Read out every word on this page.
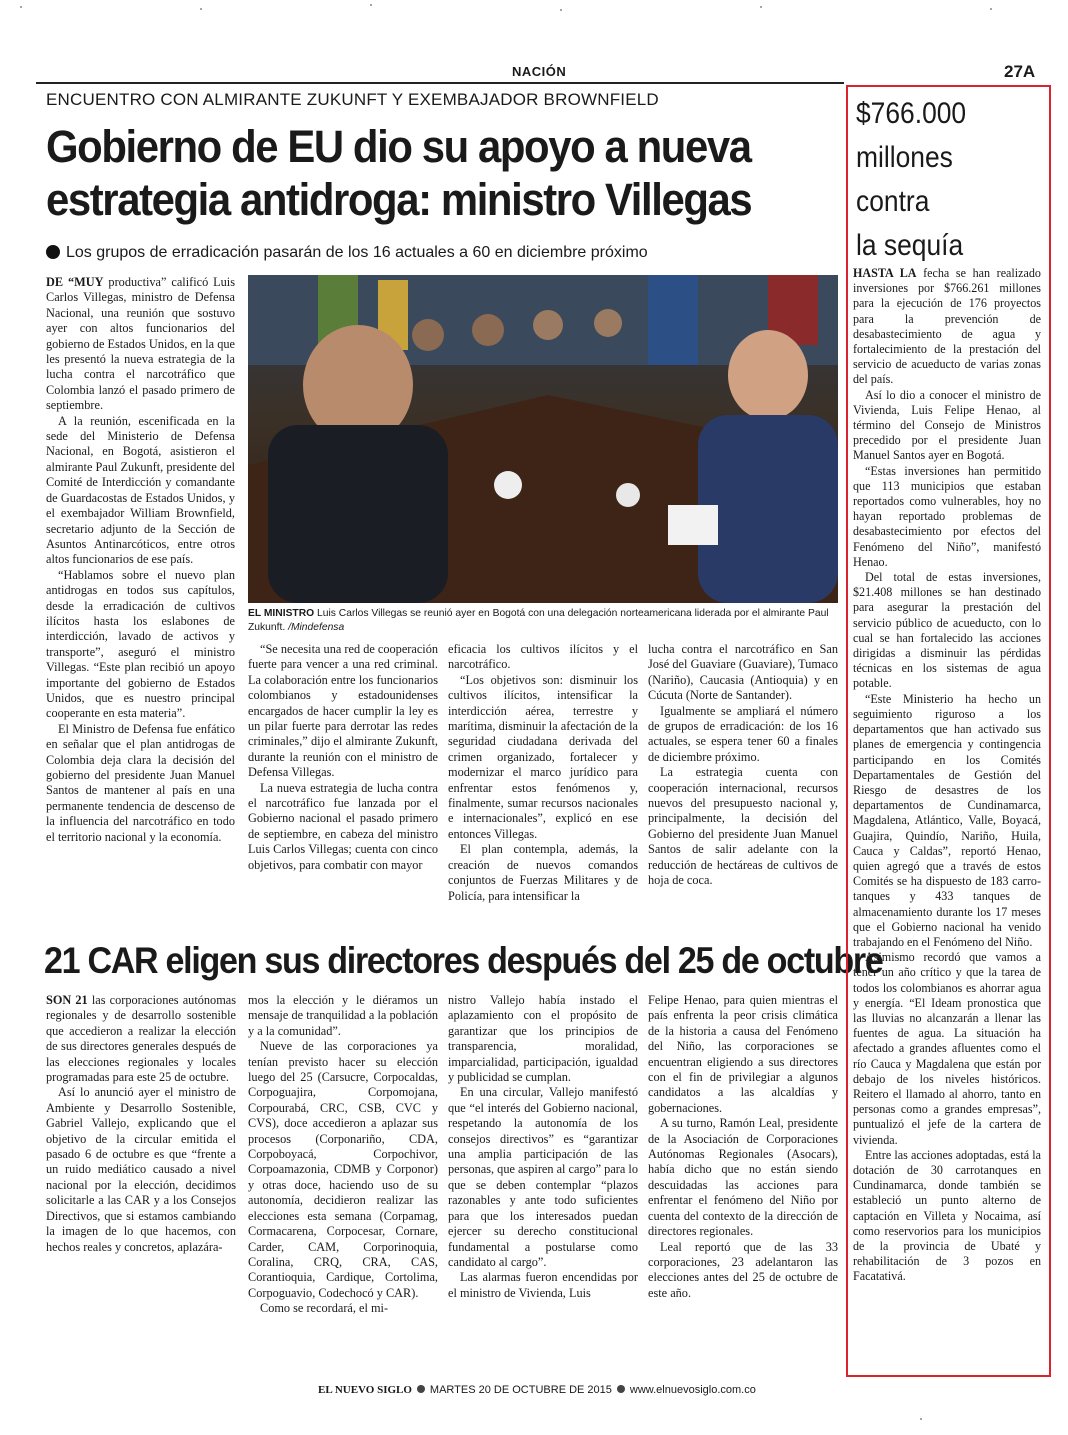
NACIÓN	27A
ENCUENTRO CON ALMIRANTE ZUKUNFT Y EXEMBAJADOR BROWNFIELD
Gobierno de EU dio su apoyo a nueva
estrategia antidroga: ministro Villegas
Los grupos de erradicación pasarán de los 16 actuales a 60 en diciembre próximo

DE “MUY productiva” calificó Luis Carlos Villegas, ministro de Defensa Nacional, una reunión que sostuvo ayer con altos funcionarios del gobierno de Estados Unidos, en la que les presentó la nueva estrategia de la lucha contra el narcotráfico que Colombia lanzó el pasado primero de septiembre.

A la reunión, escenificada en la sede del Ministerio de Defensa Nacional, en Bogotá, asistieron el almirante Paul Zukunft, presidente del Comité de Interdicción y comandante de Guardacostas de Estados Unidos, y el exembajador William Brownfield, secretario adjunto de la Sección de Asuntos Antinarcóticos, entre otros altos funcionarios de ese país.

“Hablamos sobre el nuevo plan antidrogas en todos sus capítulos, desde la erradicación de cultivos ilícitos hasta los eslabones de interdicción, lavado de activos y transporte”, aseguró el ministro Villegas. “Este plan recibió un apoyo importante del gobierno de Estados Unidos, que es nuestro principal cooperante en esta materia”.

El Ministro de Defensa fue enfático en señalar que el plan antidrogas de Colombia deja clara la decisión del gobierno del presidente Juan Manuel Santos de mantener al país en una permanente tendencia de descenso de la influencia del narcotráfico en todo el territorio nacional y la economía.

EL MINISTRO Luis Carlos Villegas se reunió ayer en Bogotá con una delegación norteamericana liderada por el almirante Paul Zukunft. /Mindefensa

“Se necesita una red de cooperación fuerte para vencer a una red criminal. La colaboración entre los funcionarios colombianos y estadounidenses encargados de hacer cumplir la ley es un pilar fuerte para derrotar las redes criminales,” dijo el almirante Zukunft, durante la reunión con el ministro de Defensa Villegas.

La nueva estrategia de lucha contra el narcotráfico fue lanzada por el Gobierno nacional el pasado primero de septiembre, en cabeza del ministro Luis Carlos Villegas; cuenta con cinco objetivos, para combatir con mayor

eficacia los cultivos ilícitos y el narcotráfico.

“Los objetivos son: disminuir los cultivos ilícitos, intensificar la interdicción aérea, terrestre y marítima, disminuir la afectación de la seguridad ciudadana derivada del crimen organizado, fortalecer y modernizar el marco jurídico para enfrentar estos fenómenos y, finalmente, sumar recursos nacionales e internacionales”, explicó en ese entonces Villegas.

El plan contempla, además, la creación de nuevos comandos conjuntos de Fuerzas Militares y de Policía, para intensificar la

lucha contra el narcotráfico en San José del Guaviare (Guaviare), Tumaco (Nariño), Caucasia (Antioquia) y en Cúcuta (Norte de Santander).

Igualmente se ampliará el número de grupos de erradicación: de los 16 actuales, se espera tener 60 a finales de diciembre próximo.

La estrategia cuenta con cooperación internacional, recursos nuevos del presupuesto nacional y, principalmente, la decisión del Gobierno del presidente Juan Manuel Santos de salir adelante con la reducción de hectáreas de cultivos de hoja de coca.

21 CAR eligen sus directores después del 25 de octubre

SON 21 las corporaciones autónomas regionales y de desarrollo sostenible que accedieron a realizar la elección de sus directores generales después de las elecciones regionales y locales programadas para este 25 de octubre.

Así lo anunció ayer el ministro de Ambiente y Desarrollo Sostenible, Gabriel Vallejo, explicando que el objetivo de la circular emitida el pasado 6 de octubre es que “frente a un ruido mediático causado a nivel nacional por la elección, decidimos solicitarle a las CAR y a los Consejos Directivos, que si estamos cambiando la imagen de lo que hacemos, con hechos reales y concretos, aplazára-

mos la elección y le diéramos un mensaje de tranquilidad a la población y a la comunidad”.

Nueve de las corporaciones ya tenían previsto hacer su elección luego del 25 (Carsucre, Corpocaldas, Corpoguajira, Corpomojana, Corpourabá, CRC, CSB, CVC y CVS), doce accedieron a aplazar sus procesos (Corponariño, CDA, Corpoboyacá, Corpochivor, Corpoamazonia, CDMB y Corponor) y otras doce, haciendo uso de su autonomía, decidieron realizar las elecciones esta semana (Corpamag, Cormacarena, Corpocesar, Cornare, Carder, CAM, Corporinoquia, Coralina, CRQ, CRA, CAS, Corantioquia, Cardique, Cortolima, Corpoguavio, Codechocó y CAR).

Como se recordará, el mi-

nistro Vallejo había instado el aplazamiento con el propósito de garantizar que los principios de transparencia, moralidad, imparcialidad, participación, igualdad y publicidad se cumplan.

En una circular, Vallejo manifestó que “el interés del Gobierno nacional, respetando la autonomía de los consejos directivos” es “garantizar una amplia participación de las personas, que aspiren al cargo” para lo que se deben contemplar “plazos razonables y ante todo suficientes para que los interesados puedan ejercer su derecho constitucional fundamental a postularse como candidato al cargo”.

Las alarmas fueron encendidas por el ministro de Vivienda, Luis

Felipe Henao, para quien mientras el país enfrenta la peor crisis climática de la historia a causa del Fenómeno del Niño, las corporaciones se encuentran eligiendo a sus directores con el fin de privilegiar a algunos candidatos a las alcaldías y gobernaciones.

A su turno, Ramón Leal, presidente de la Asociación de Corporaciones Autónomas Regionales (Asocars), había dicho que no están siendo descuidadas las acciones para enfrentar el fenómeno del Niño por cuenta del contexto de la dirección de directores regionales.

Leal reportó que de las 33 corporaciones, 23 adelantaron las elecciones antes del 25 de octubre de este año.

$766.000
millones
contra
la sequía

HASTA LA fecha se han realizado inversiones por $766.261 millones para la ejecución de 176 proyectos para la prevención de desabastecimiento de agua y fortalecimiento de la prestación del servicio de acueducto de varias zonas del país.

Así lo dio a conocer el ministro de Vivienda, Luis Felipe Henao, al término del Consejo de Ministros precedido por el presidente Juan Manuel Santos ayer en Bogotá.

“Estas inversiones han permitido que 113 municipios que estaban reportados como vulnerables, hoy no hayan reportado problemas de desabastecimiento por efectos del Fenómeno del Niño”, manifestó Henao.

Del total de estas inversiones, $21.408 millones se han destinado para asegurar la prestación del servicio público de acueducto, con lo cual se han fortalecido las acciones dirigidas a disminuir las pérdidas técnicas en los sistemas de agua potable.

“Este Ministerio ha hecho un seguimiento riguroso a los departamentos que han activado sus planes de emergencia y contingencia participando en los Comités Departamentales de Gestión del Riesgo de desastres de los departamentos de Cundinamarca, Magdalena, Atlántico, Valle, Boyacá, Guajira, Quindío, Nariño, Huila, Cauca y Caldas”, reportó Henao, quien agregó que a través de estos Comités se ha dispuesto de 183 carro-tanques y 433 tanques de almacenamiento durante los 17 meses que el Gobierno nacional ha venido trabajando en el Fenómeno del Niño.

Asimismo recordó que vamos a tener un año crítico y que la tarea de todos los colombianos es ahorrar agua y energía. “El Ideam pronostica que las lluvias no alcanzarán a llenar las fuentes de agua. La situación ha afectado a grandes afluentes como el río Cauca y Magdalena que están por debajo de los niveles históricos. Reitero el llamado al ahorro, tanto en personas como a grandes empresas”, puntualizó el jefe de la cartera de vivienda.

Entre las acciones adoptadas, está la dotación de 30 carrotanques en Cundinamarca, donde también se estableció un punto alterno de captación en Villeta y Nocaima, así como reservorios para los municipios de la provincia de Ubaté y rehabilitación de 3 pozos en Facatativá.

EL NUEVO SIGLO MARTES 20 DE OCTUBRE DE 2015 www.elnuevosiglo.com.co
